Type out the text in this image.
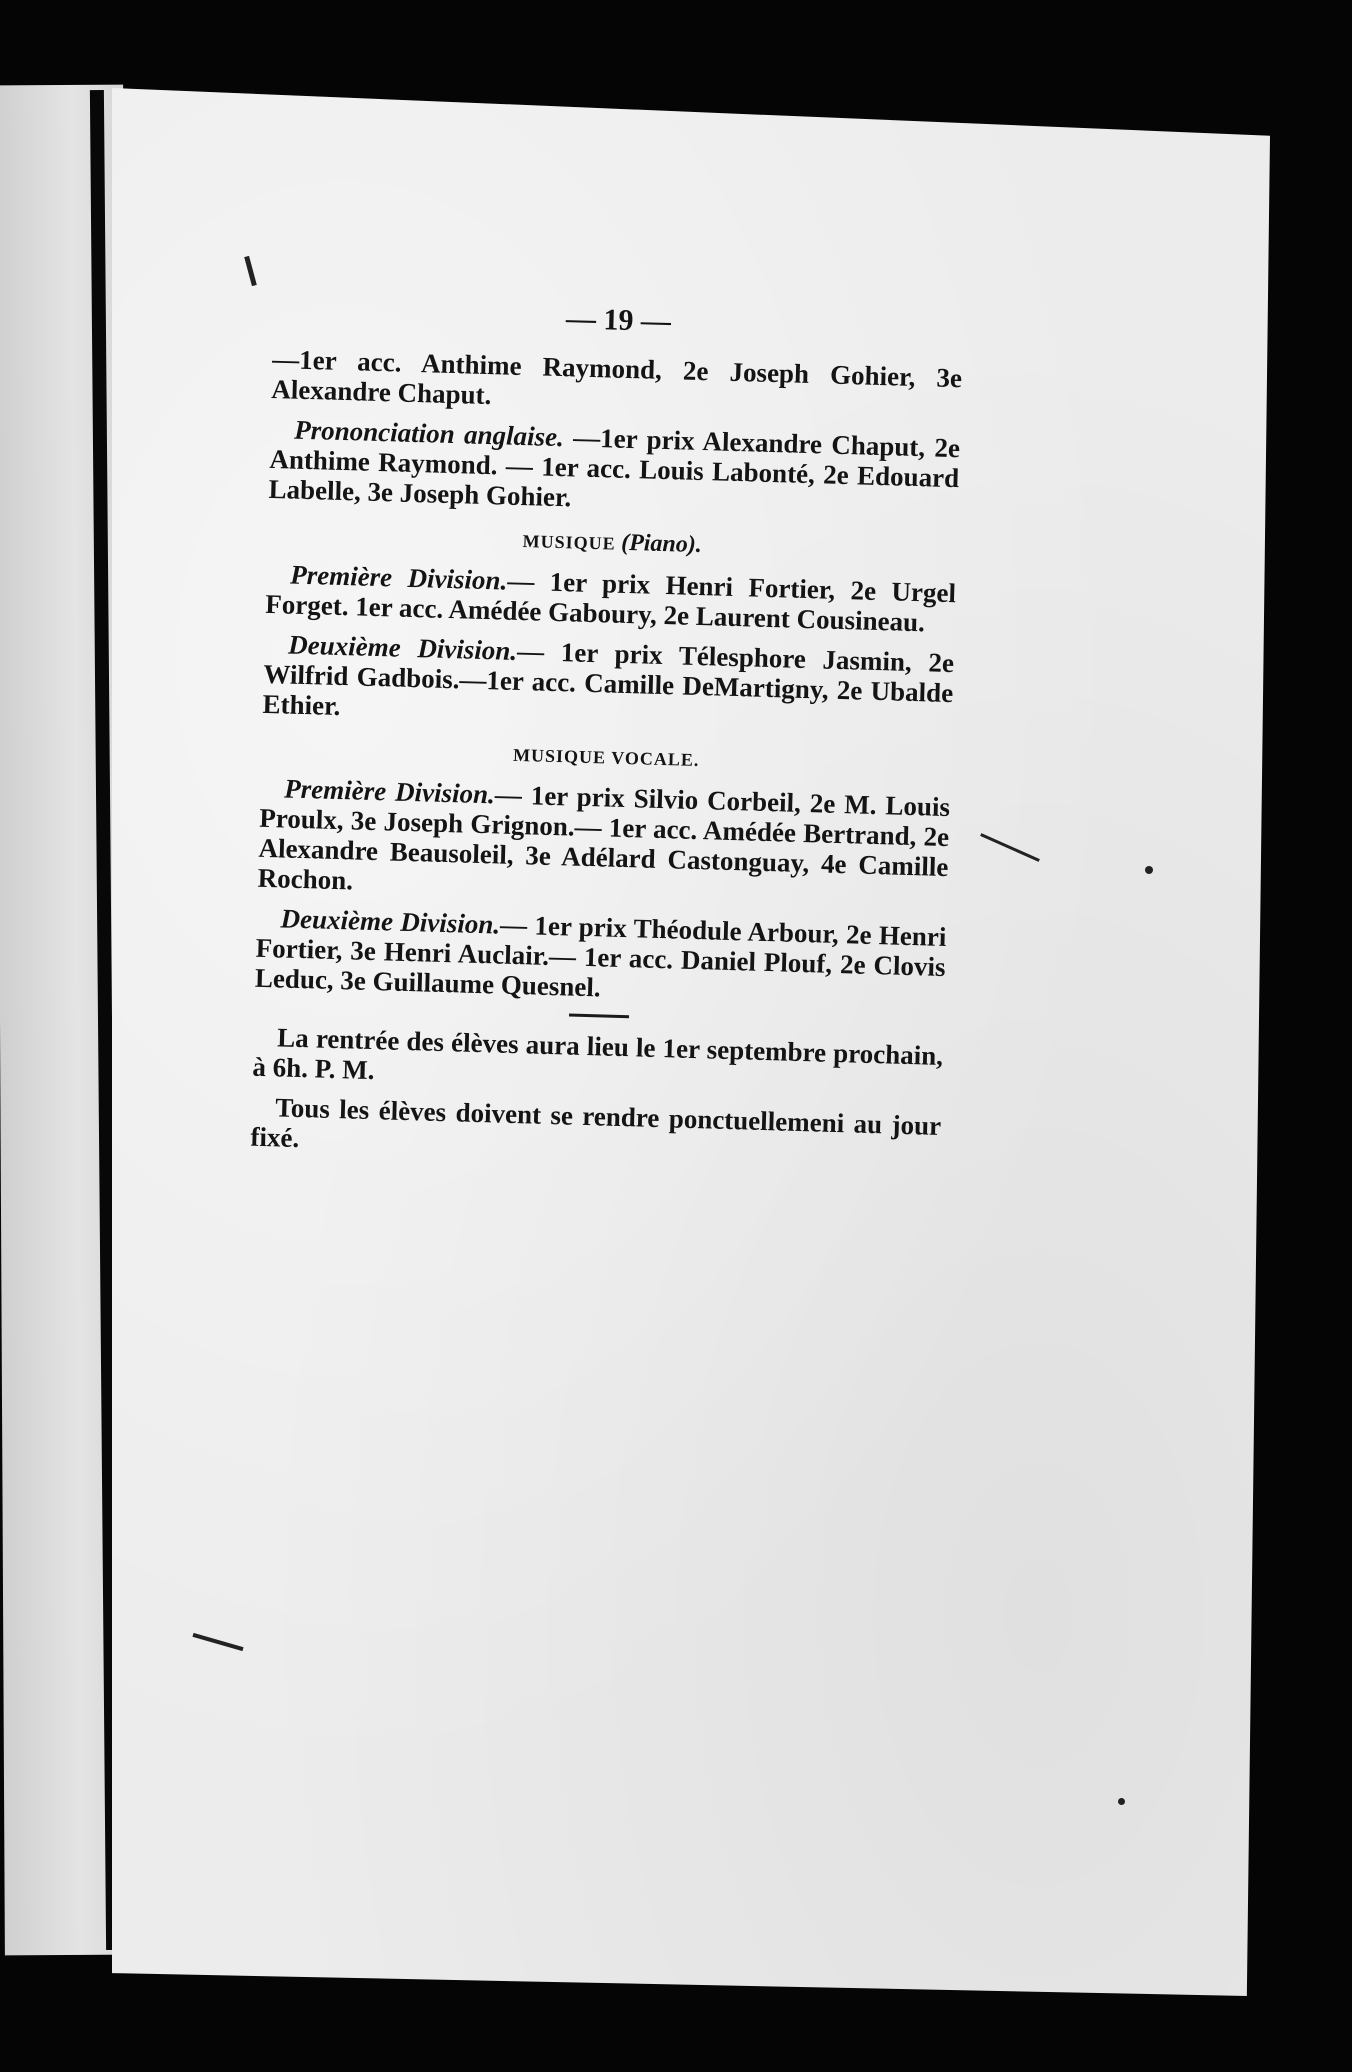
— 19 —

—1er acc. Anthime Raymond, 2e Joseph Gohier, 3e Alexandre Chaput.

Prononciation anglaise. —1er prix Alexandre Chaput, 2e Anthime Raymond. — 1er acc. Louis Labonté, 2e Edouard Labelle, 3e Joseph Gohier.

MUSIQUE (Piano).

Première Division.— 1er prix Henri Fortier, 2e Urgel Forget. 1er acc. Amédée Gaboury, 2e Laurent Cousineau.

Deuxième Division.— 1er prix Télesphore Jasmin, 2e Wilfrid Gadbois.—1er acc. Camille DeMartigny, 2e Ubalde Ethier.

MUSIQUE VOCALE.

Première Division.— 1er prix Silvio Corbeil, 2e M. Louis Proulx, 3e Joseph Grignon.— 1er acc. Amédée Bertrand, 2e Alexandre Beausoleil, 3e Adélard Castonguay, 4e Camille Rochon.

Deuxième Division.— 1er prix Théodule Arbour, 2e Henri Fortier, 3e Henri Auclair.— 1er acc. Daniel Plouf, 2e Clovis Leduc, 3e Guillaume Quesnel.

La rentrée des élèves aura lieu le 1er septembre prochain, à 6h. P. M.

Tous les élèves doivent se rendre ponctuellemeni au jour fixé.
